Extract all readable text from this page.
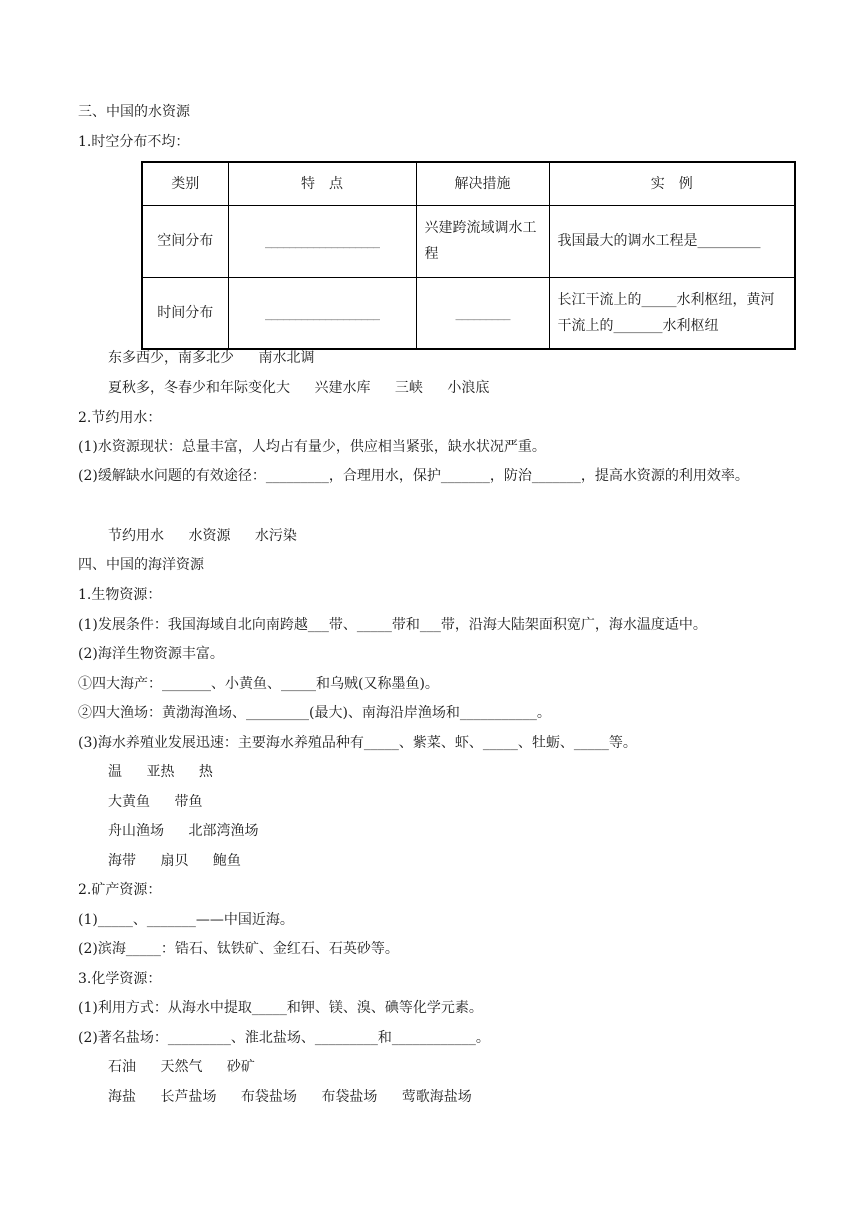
三、中国的水资源
1.时空分布不均：
类别	特　点	解决措施	实　例
空间分布	___________________	兴建跨流域调水工程	我国最大的调水工程是_________
时间分布	___________________	_________	长江干流上的_____水利枢纽，黄河干流上的_______水利枢纽
东多西少，南多北少 南水北调
夏秋多，冬春少和年际变化大 兴建水库 三峡 小浪底
2.节约用水：
(1)水资源现状：总量丰富，人均占有量少，供应相当紧张，缺水状况严重。
(2)缓解缺水问题的有效途径：_________，合理用水，保护_______，防治_______，提高水资源的利用效率。
节约用水 水资源 水污染
四、中国的海洋资源
1.生物资源：
(1)发展条件：我国海域自北向南跨越___带、_____带和___带，沿海大陆架面积宽广，海水温度适中。
(2)海洋生物资源丰富。
①四大海产：_______、小黄鱼、_____和乌贼(又称墨鱼)。
②四大渔场：黄渤海渔场、_________(最大)、南海沿岸渔场和___________。
(3)海水养殖业发展迅速：主要海水养殖品种有_____、紫菜、虾、_____、牡蛎、_____等。
温 亚热 热
大黄鱼 带鱼
舟山渔场 北部湾渔场
海带 扇贝 鲍鱼
2.矿产资源：
(1)_____、_______——中国近海。
(2)滨海_____：锆石、钛铁矿、金红石、石英砂等。
3.化学资源：
(1)利用方式：从海水中提取_____和钾、镁、溴、碘等化学元素。
(2)著名盐场：_________、淮北盐场、_________和____________。
石油 天然气 砂矿
海盐 长芦盐场 布袋盐场 布袋盐场 莺歌海盐场
